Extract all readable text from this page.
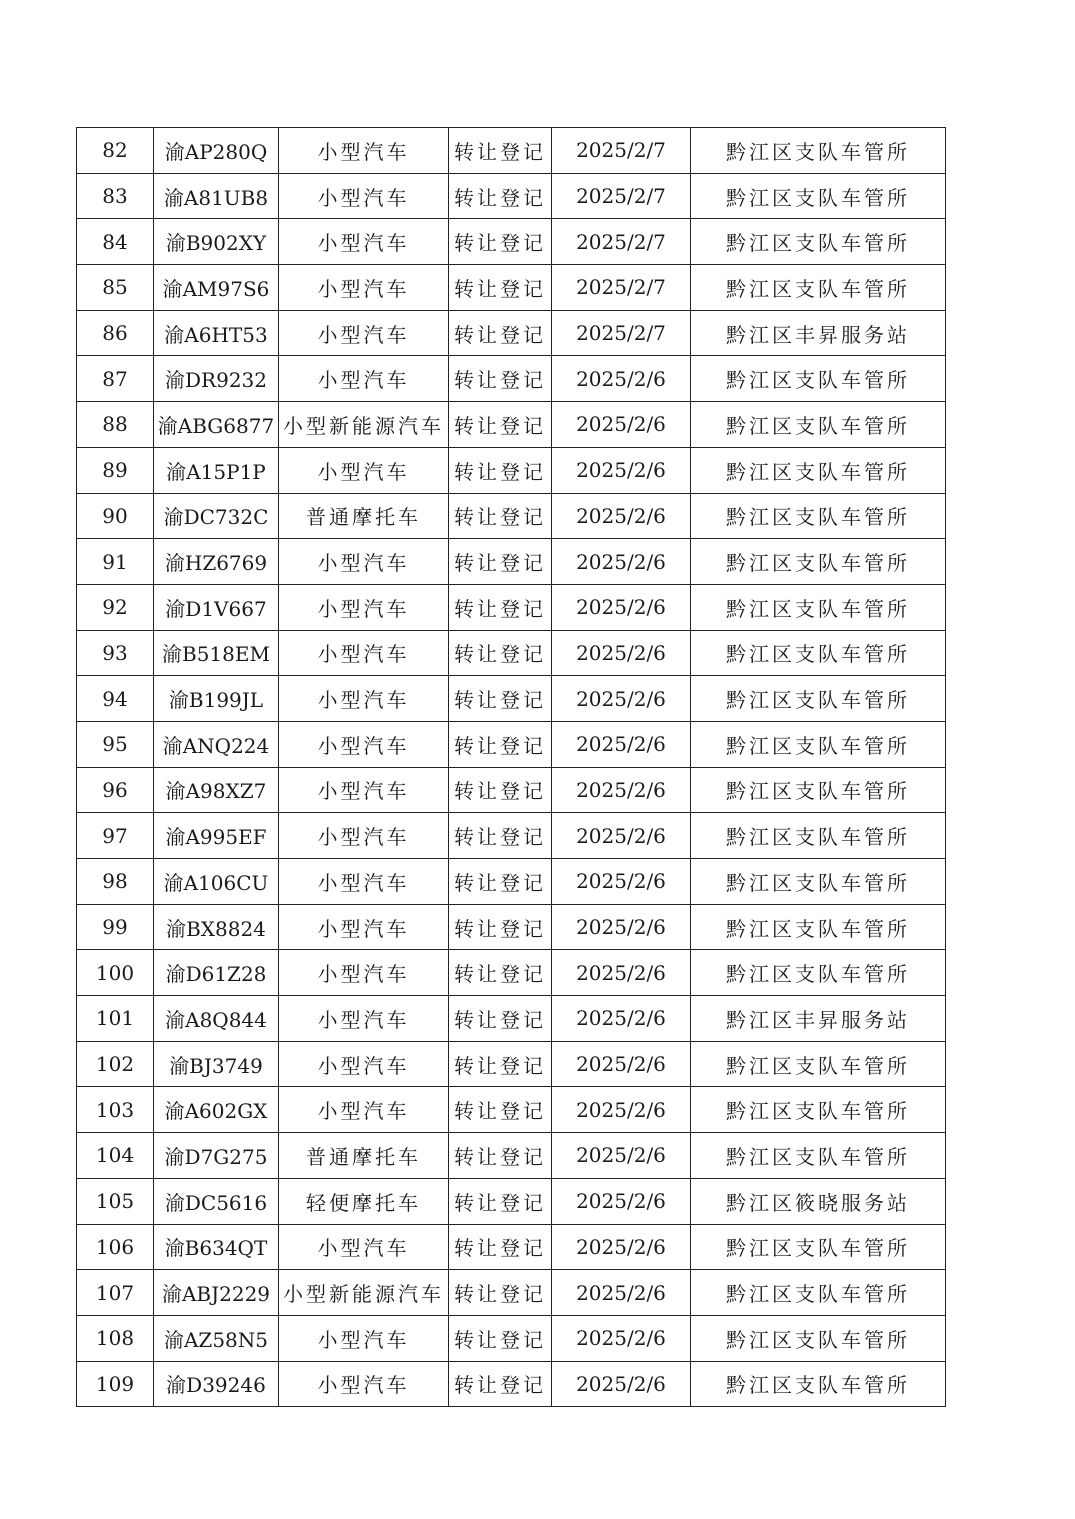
82	渝AP280Q	小型汽车	转让登记	2025/2/7	黔江区支队车管所
83	渝A81UB8	小型汽车	转让登记	2025/2/7	黔江区支队车管所
84	渝B902XY	小型汽车	转让登记	2025/2/7	黔江区支队车管所
85	渝AM97S6	小型汽车	转让登记	2025/2/7	黔江区支队车管所
86	渝A6HT53	小型汽车	转让登记	2025/2/7	黔江区丰昇服务站
87	渝DR9232	小型汽车	转让登记	2025/2/6	黔江区支队车管所
88	渝ABG6877	小型新能源汽车	转让登记	2025/2/6	黔江区支队车管所
89	渝A15P1P	小型汽车	转让登记	2025/2/6	黔江区支队车管所
90	渝DC732C	普通摩托车	转让登记	2025/2/6	黔江区支队车管所
91	渝HZ6769	小型汽车	转让登记	2025/2/6	黔江区支队车管所
92	渝D1V667	小型汽车	转让登记	2025/2/6	黔江区支队车管所
93	渝B518EM	小型汽车	转让登记	2025/2/6	黔江区支队车管所
94	渝B199JL	小型汽车	转让登记	2025/2/6	黔江区支队车管所
95	渝ANQ224	小型汽车	转让登记	2025/2/6	黔江区支队车管所
96	渝A98XZ7	小型汽车	转让登记	2025/2/6	黔江区支队车管所
97	渝A995EF	小型汽车	转让登记	2025/2/6	黔江区支队车管所
98	渝A106CU	小型汽车	转让登记	2025/2/6	黔江区支队车管所
99	渝BX8824	小型汽车	转让登记	2025/2/6	黔江区支队车管所
100	渝D61Z28	小型汽车	转让登记	2025/2/6	黔江区支队车管所
101	渝A8Q844	小型汽车	转让登记	2025/2/6	黔江区丰昇服务站
102	渝BJ3749	小型汽车	转让登记	2025/2/6	黔江区支队车管所
103	渝A602GX	小型汽车	转让登记	2025/2/6	黔江区支队车管所
104	渝D7G275	普通摩托车	转让登记	2025/2/6	黔江区支队车管所
105	渝DC5616	轻便摩托车	转让登记	2025/2/6	黔江区筱晓服务站
106	渝B634QT	小型汽车	转让登记	2025/2/6	黔江区支队车管所
107	渝ABJ2229	小型新能源汽车	转让登记	2025/2/6	黔江区支队车管所
108	渝AZ58N5	小型汽车	转让登记	2025/2/6	黔江区支队车管所
109	渝D39246	小型汽车	转让登记	2025/2/6	黔江区支队车管所
